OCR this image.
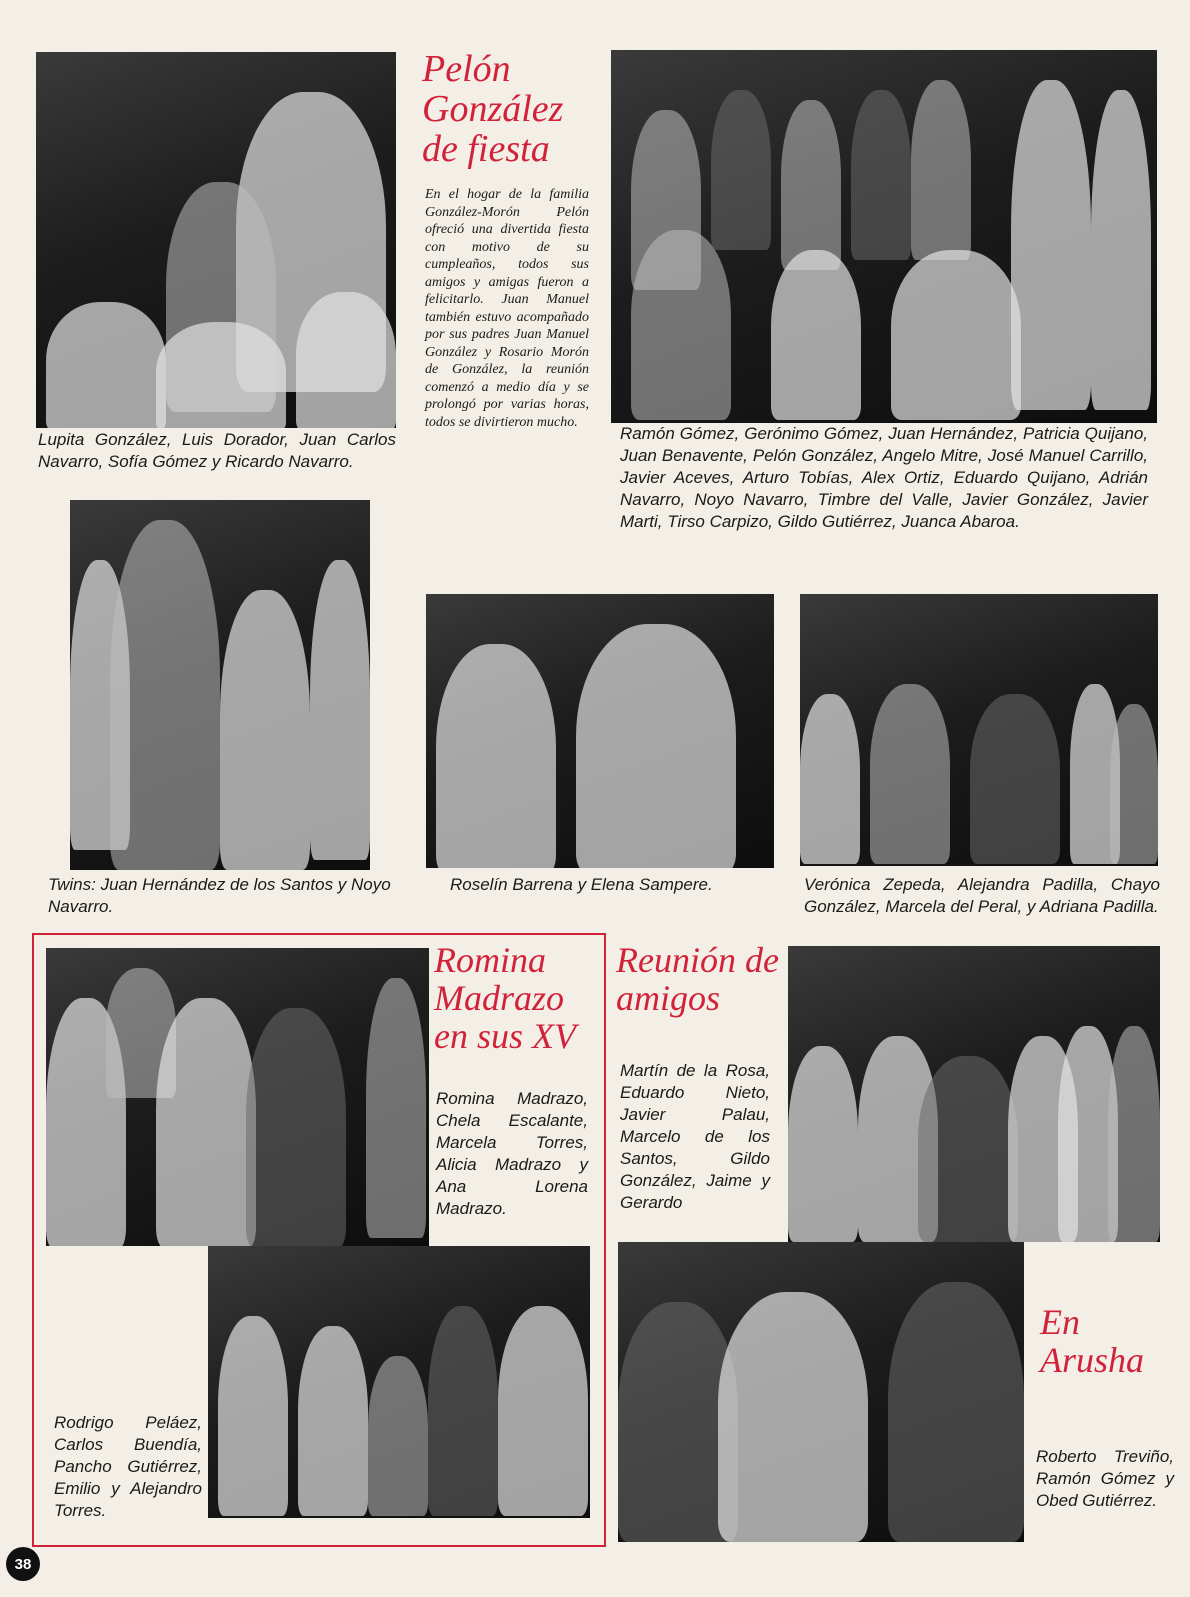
Lupita González, Luis Dorador, Juan Carlos Navarro, Sofía Gómez y Ricardo Navarro.
Pelón González de fiesta
En el hogar de la familia González-Morón Pelón ofreció una divertida fiesta con motivo de su cumpleaños, todos sus amigos y amigas fueron a felicitarlo. Juan Manuel también estuvo acompañado por sus padres Juan Manuel González y Rosario Morón de González, la reunión comenzó a medio día y se prolongó por varias horas, todos se divirtieron mucho.
Ramón Gómez, Gerónimo Gómez, Juan Hernández, Patricia Quijano, Juan Benavente, Pelón González, Angelo Mitre, José Manuel Carrillo, Javier Aceves, Arturo Tobías, Alex Ortiz, Eduardo Quijano, Adrián Navarro, Noyo Navarro, Timbre del Valle, Javier González, Javier Marti, Tirso Carpizo, Gildo Gutiérrez, Juanca Abaroa.
Twins: Juan Hernández de los Santos y Noyo Navarro.
Roselín Barrena y Elena Sampere.	Verónica Zepeda, Alejandra Padilla, Chayo González, Marcela del Peral, y Adriana Padilla.
Romina Madrazo en sus XV
Romina Madrazo, Chela Escalante, Marcela Torres, Alicia Madrazo y Ana Lorena Madrazo.
Rodrigo Peláez, Carlos Buendía, Pancho Gutiérrez, Emilio y Alejandro Torres.
Reunión de amigos
Martín de la Rosa, Eduardo Nieto, Javier Palau, Marcelo de los Santos, Gildo González, Jaime y Gerardo
En Arusha
Roberto Treviño, Ramón Gómez y Obed Gutiérrez.
38
